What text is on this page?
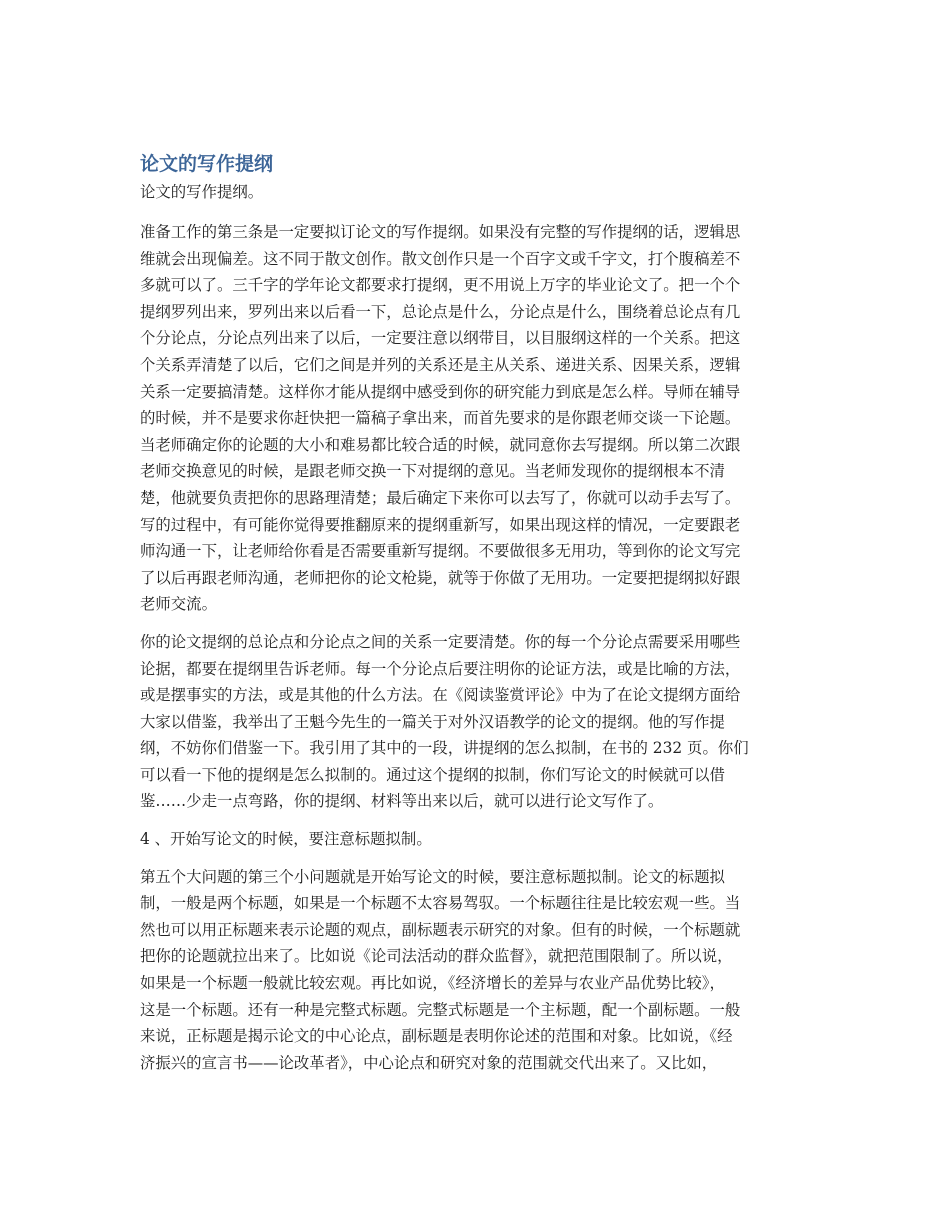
论文的写作提纲

论文的写作提纲。

准备工作的第三条是一定要拟订论文的写作提纲。如果没有完整的写作提纲的话，逻辑思
维就会出现偏差。这不同于散文创作。散文创作只是一个百字文或千字文，打个腹稿差不
多就可以了。三千字的学年论文都要求打提纲，更不用说上万字的毕业论文了。把一个个
提纲罗列出来，罗列出来以后看一下，总论点是什么，分论点是什么，围绕着总论点有几
个分论点，分论点列出来了以后，一定要注意以纲带目，以目服纲这样的一个关系。把这
个关系弄清楚了以后，它们之间是并列的关系还是主从关系、递进关系、因果关系，逻辑
关系一定要搞清楚。这样你才能从提纲中感受到你的研究能力到底是怎么样。导师在辅导
的时候，并不是要求你赶快把一篇稿子拿出来，而首先要求的是你跟老师交谈一下论题。
当老师确定你的论题的大小和难易都比较合适的时候，就同意你去写提纲。所以第二次跟
老师交换意见的时候，是跟老师交换一下对提纲的意见。当老师发现你的提纲根本不清
楚，他就要负责把你的思路理清楚；最后确定下来你可以去写了，你就可以动手去写了。
写的过程中，有可能你觉得要推翻原来的提纲重新写，如果出现这样的情况，一定要跟老
师沟通一下，让老师给你看是否需要重新写提纲。不要做很多无用功，等到你的论文写完
了以后再跟老师沟通，老师把你的论文枪毙，就等于你做了无用功。一定要把提纲拟好跟
老师交流。
你的论文提纲的总论点和分论点之间的关系一定要清楚。你的每一个分论点需要采用哪些
论据，都要在提纲里告诉老师。每一个分论点后要注明你的论证方法，或是比喻的方法，
或是摆事实的方法，或是其他的什么方法。在《阅读鉴赏评论》中为了在论文提纲方面给
大家以借鉴，我举出了王魁今先生的一篇关于对外汉语教学的论文的提纲。他的写作提
纲，不妨你们借鉴一下。我引用了其中的一段，讲提纲的怎么拟制，在书的 232 页。你们
可以看一下他的提纲是怎么拟制的。通过这个提纲的拟制，你们写论文的时候就可以借
鉴……少走一点弯路，你的提纲、材料等出来以后，就可以进行论文写作了。
4 、开始写论文的时候，要注意标题拟制。
第五个大问题的第三个小问题就是开始写论文的时候，要注意标题拟制。论文的标题拟
制，一般是两个标题，如果是一个标题不太容易驾驭。一个标题往往是比较宏观一些。当
然也可以用正标题来表示论题的观点，副标题表示研究的对象。但有的时候，一个标题就
把你的论题就拉出来了。比如说《论司法活动的群众监督》，就把范围限制了。所以说，
如果是一个标题一般就比较宏观。再比如说，《经济增长的差异与农业产品优势比较》，
这是一个标题。还有一种是完整式标题。完整式标题是一个主标题，配一个副标题。一般
来说，正标题是揭示论文的中心论点，副标题是表明你论述的范围和对象。比如说，《经
济振兴的宣言书——论改革者》，中心论点和研究对象的范围就交代出来了。又比如，
